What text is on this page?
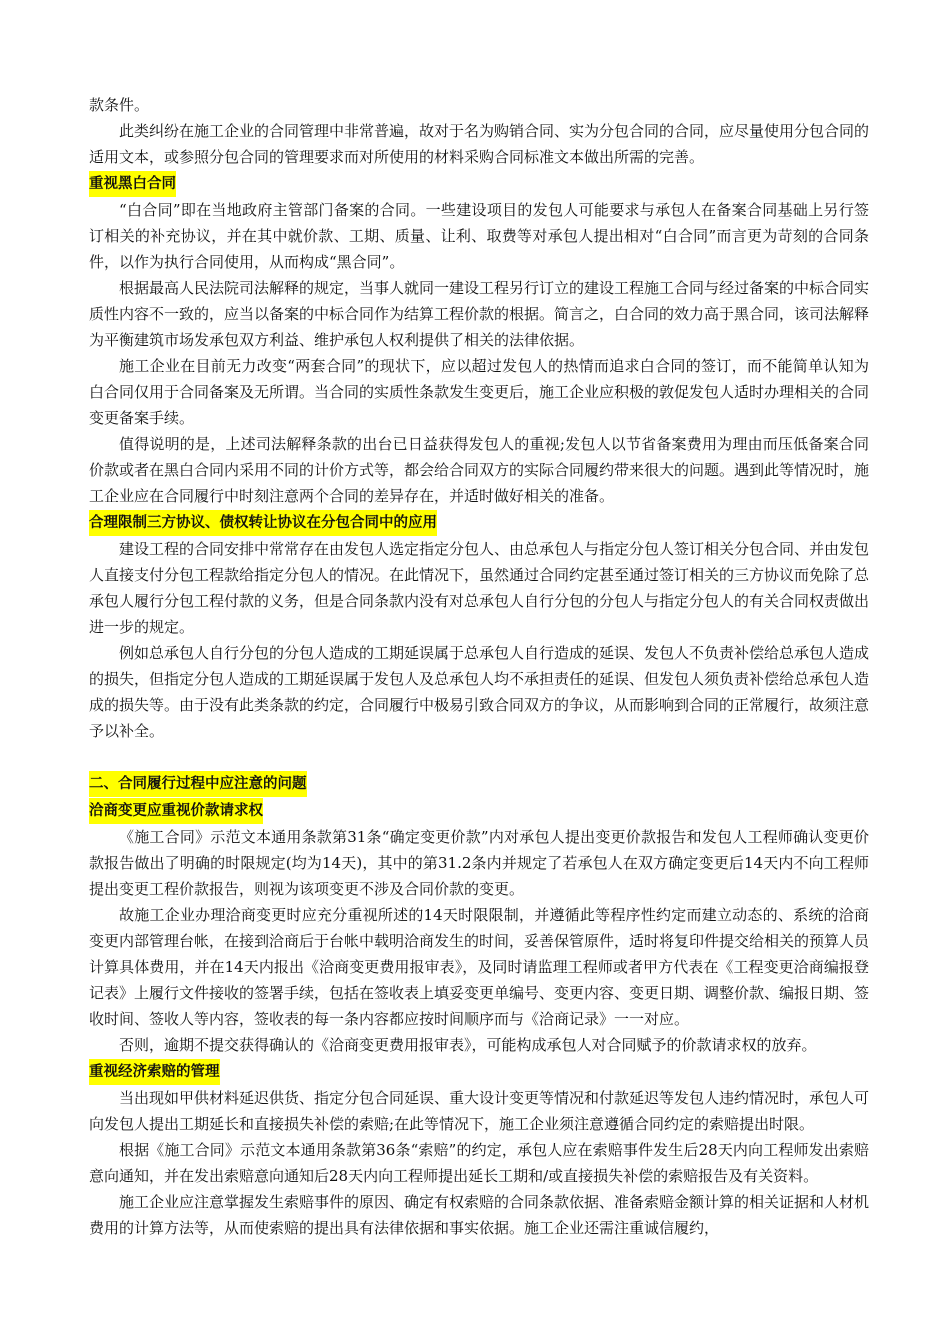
款条件。

此类纠纷在施工企业的合同管理中非常普遍，故对于名为购销合同、实为分包合同的合同，应尽量使用分包合同的适用文本，或参照分包合同的管理要求而对所使用的材料采购合同标准文本做出所需的完善。

重视黑白合同

“白合同”即在当地政府主管部门备案的合同。一些建设项目的发包人可能要求与承包人在备案合同基础上另行签订相关的补充协议，并在其中就价款、工期、质量、让利、取费等对承包人提出相对“白合同”而言更为苛刻的合同条件，以作为执行合同使用，从而构成“黑合同”。

根据最高人民法院司法解释的规定，当事人就同一建设工程另行订立的建设工程施工合同与经过备案的中标合同实质性内容不一致的，应当以备案的中标合同作为结算工程价款的根据。简言之，白合同的效力高于黑合同，该司法解释为平衡建筑市场发承包双方利益、维护承包人权利提供了相关的法律依据。

施工企业在目前无力改变“两套合同”的现状下，应以超过发包人的热情而追求白合同的签订，而不能简单认知为白合同仅用于合同备案及无所谓。当合同的实质性条款发生变更后，施工企业应积极的敦促发包人适时办理相关的合同变更备案手续。

值得说明的是，上述司法解释条款的出台已日益获得发包人的重视;发包人以节省备案费用为理由而压低备案合同价款或者在黑白合同内采用不同的计价方式等，都会给合同双方的实际合同履约带来很大的问题。遇到此等情况时，施工企业应在合同履行中时刻注意两个合同的差异存在，并适时做好相关的准备。

合理限制三方协议、债权转让协议在分包合同中的应用

建设工程的合同安排中常常存在由发包人选定指定分包人、由总承包人与指定分包人签订相关分包合同、并由发包人直接支付分包工程款给指定分包人的情况。在此情况下，虽然通过合同约定甚至通过签订相关的三方协议而免除了总承包人履行分包工程付款的义务，但是合同条款内没有对总承包人自行分包的分包人与指定分包人的有关合同权责做出进一步的规定。

例如总承包人自行分包的分包人造成的工期延误属于总承包人自行造成的延误、发包人不负责补偿给总承包人造成的损失，但指定分包人造成的工期延误属于发包人及总承包人均不承担责任的延误、但发包人须负责补偿给总承包人造成的损失等。由于没有此类条款的约定，合同履行中极易引致合同双方的争议，从而影响到合同的正常履行，故须注意予以补全。

二、合同履行过程中应注意的问题

洽商变更应重视价款请求权

《施工合同》示范文本通用条款第31条“确定变更价款”内对承包人提出变更价款报告和发包人工程师确认变更价款报告做出了明确的时限规定(均为14天)，其中的第31.2条内并规定了若承包人在双方确定变更后14天内不向工程师提出变更工程价款报告，则视为该项变更不涉及合同价款的变更。

故施工企业办理洽商变更时应充分重视所述的14天时限限制，并遵循此等程序性约定而建立动态的、系统的洽商变更内部管理台帐，在接到洽商后于台帐中载明洽商发生的时间，妥善保管原件，适时将复印件提交给相关的预算人员计算具体费用，并在14天内报出《洽商变更费用报审表》，及同时请监理工程师或者甲方代表在《工程变更洽商编报登记表》上履行文件接收的签署手续，包括在签收表上填妥变更单编号、变更内容、变更日期、调整价款、编报日期、签收时间、签收人等内容，签收表的每一条内容都应按时间顺序而与《洽商记录》一一对应。

否则，逾期不提交获得确认的《洽商变更费用报审表》，可能构成承包人对合同赋予的价款请求权的放弃。

重视经济索赔的管理

当出现如甲供材料延迟供货、指定分包合同延误、重大设计变更等情况和付款延迟等发包人违约情况时，承包人可向发包人提出工期延长和直接损失补偿的索赔;在此等情况下，施工企业须注意遵循合同约定的索赔提出时限。

根据《施工合同》示范文本通用条款第36条“索赔”的约定，承包人应在索赔事件发生后28天内向工程师发出索赔意向通知，并在发出索赔意向通知后28天内向工程师提出延长工期和/或直接损失补偿的索赔报告及有关资料。

施工企业应注意掌握发生索赔事件的原因、确定有权索赔的合同条款依据、准备索赔金额计算的相关证据和人材机费用的计算方法等，从而使索赔的提出具有法律依据和事实依据。施工企业还需注重诚信履约，
